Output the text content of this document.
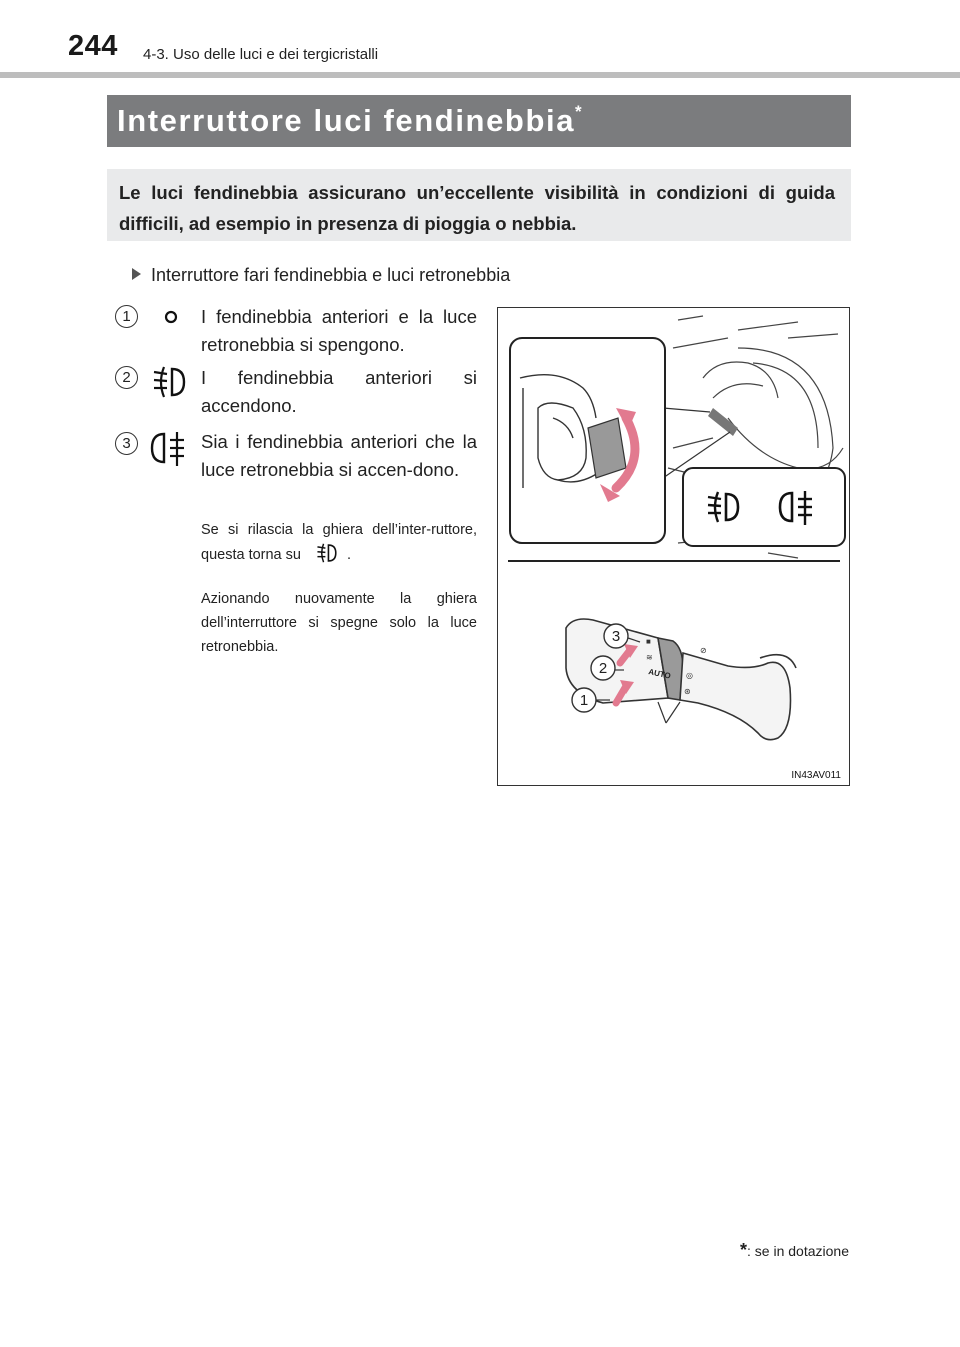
244 4-3. Uso delle luci e dei tergicristalli
Interruttore luci fendinebbia*
Le luci fendinebbia assicurano un’eccellente visibilità in condizioni di guida difficili, ad esempio in presenza di pioggia o nebbia.
Interruttore fari fendinebbia e luci retronebbia
1	I fendinebbia anteriori e la luce retronebbia si spengono.
2	I fendinebbia anteriori si accendono.
3	Sia i fendinebbia anteriori che la luce retronebbia si accen-dono.
Se si rilascia la ghiera dell’inter-ruttore, questa torna su	.
Azionando nuovamente la ghiera dell’interruttore si spegne solo la luce retronebbia.	■
≋
◎
⊛
⊘
AUTO
3
2
1
IN43AV011
*: se in dotazione
